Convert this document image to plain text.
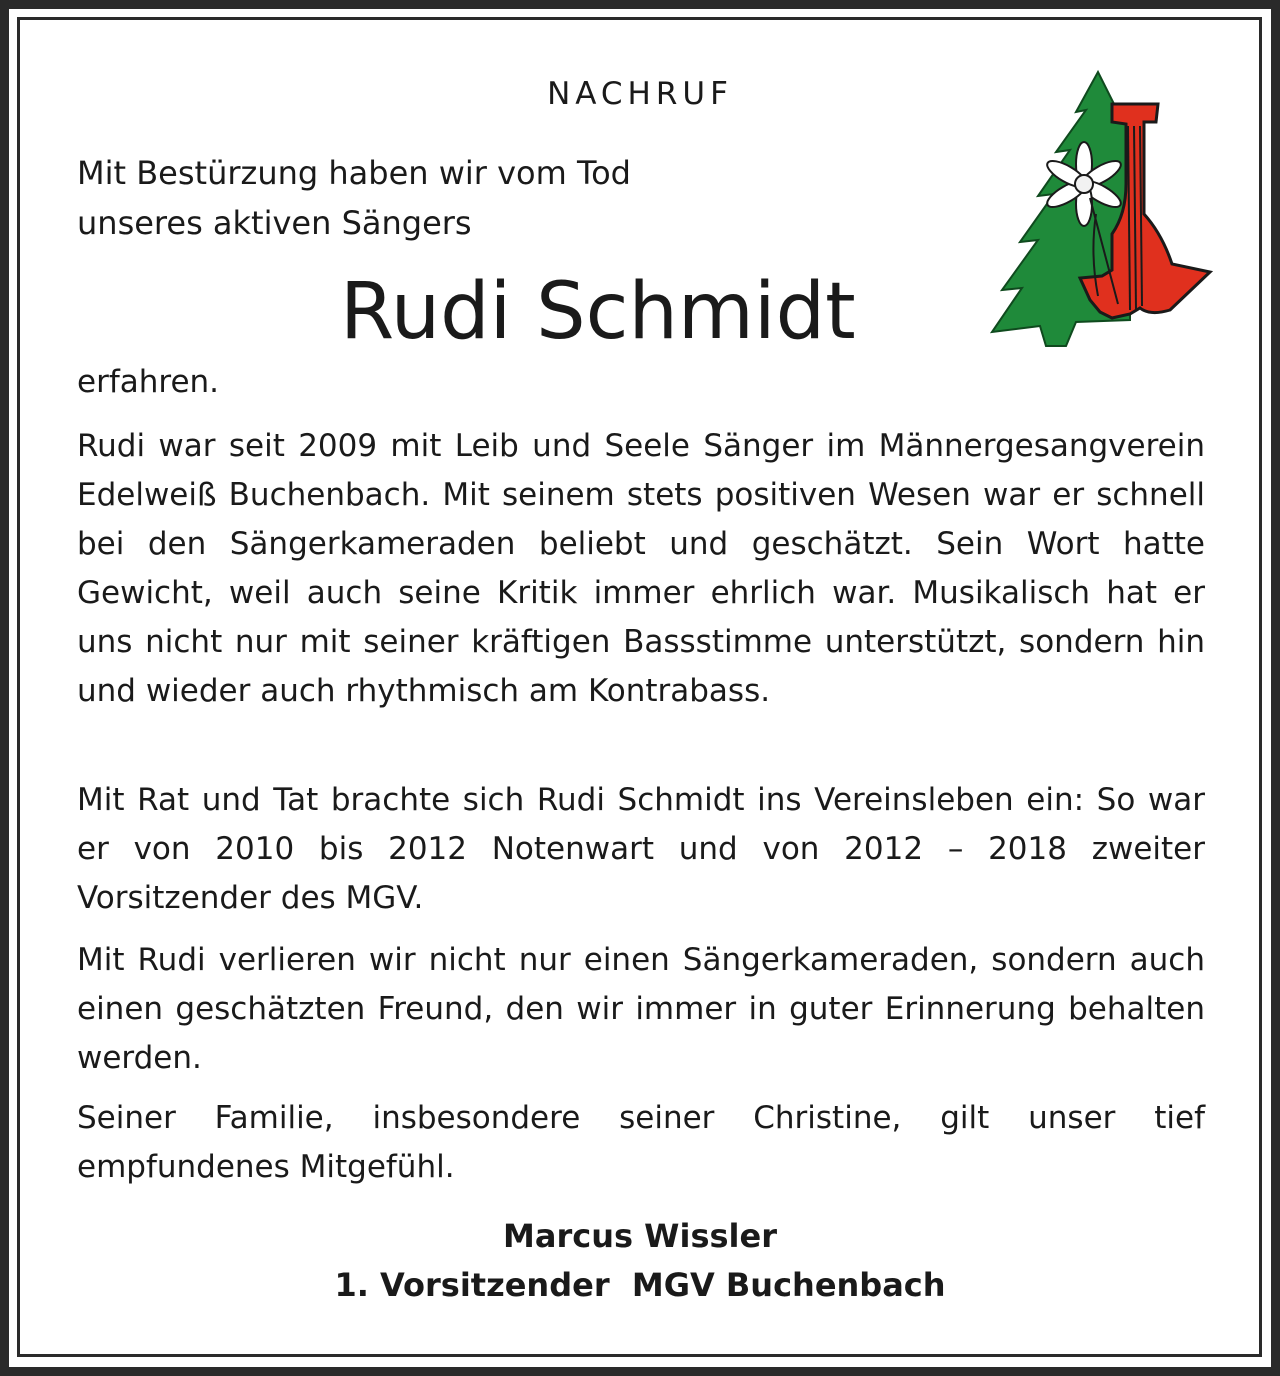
NACHRUF
Mit Bestürzung haben wir vom Tod
unseres aktiven Sängers
Rudi Schmidt
erfahren.
Rudi war seit 2009 mit Leib und Seele Sänger im Männergesangverein Edelweiß Buchenbach. Mit seinem stets positiven Wesen war er schnell bei den Sängerkameraden beliebt und geschätzt. Sein Wort hatte Gewicht, weil auch seine Kritik immer ehrlich war. Musikalisch hat er uns nicht nur mit seiner kräftigen Bassstimme unterstützt, sondern hin und wieder auch rhythmisch am Kontrabass.
Mit Rat und Tat brachte sich Rudi Schmidt ins Vereinsleben ein: So war er von 2010 bis 2012 Notenwart und von 2012 – 2018 zweiter Vorsitzender des MGV.
Mit Rudi verlieren wir nicht nur einen Sängerkameraden, sondern auch einen geschätzten Freund, den wir immer in guter Erinnerung behalten werden.
Seiner Familie, insbesondere seiner Christine, gilt unser tief empfundenes Mitgefühl.
Marcus Wissler
1. Vorsitzender  MGV Buchenbach
